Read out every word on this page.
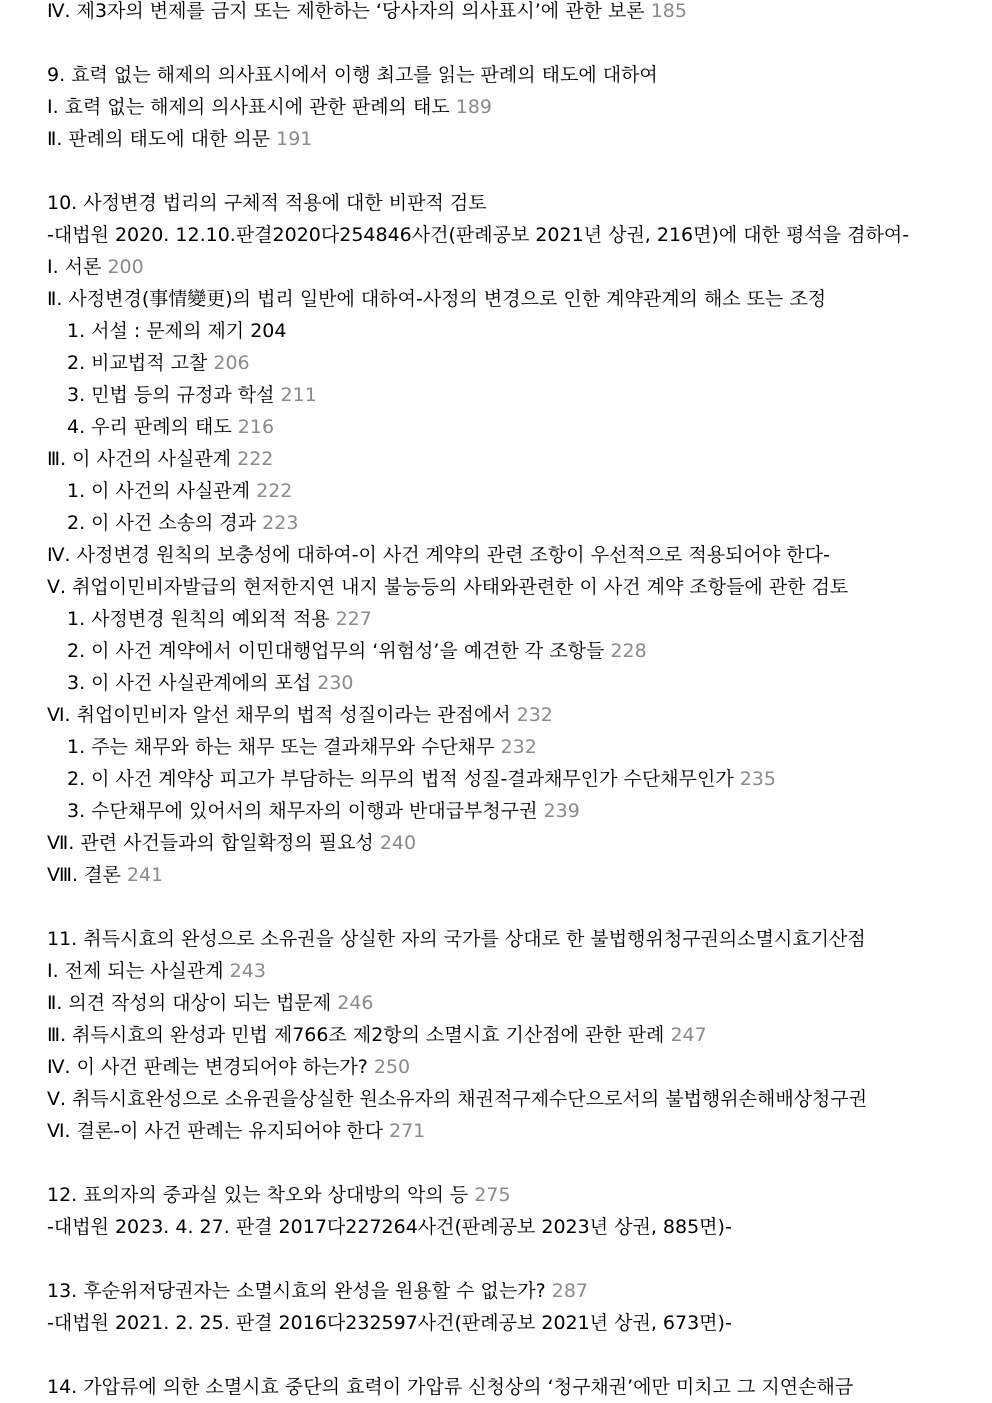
Ⅳ. 제3자의 변제를 금지 또는 제한하는 ‘당사자의 의사표시’에 관한 보론 185
9. 효력 없는 해제의 의사표시에서 이행 최고를 읽는 판례의 태도에 대하여
Ⅰ. 효력 없는 해제의 의사표시에 관한 판례의 태도 189
Ⅱ. 판례의 태도에 대한 의문 191
10. 사정변경 법리의 구체적 적용에 대한 비판적 검토
-대법원 2020. 12.10.판결2020다254846사건(판례공보 2021년 상권, 216면)에 대한 평석을 겸하여-
Ⅰ. 서론 200
Ⅱ. 사정변경(事情變更)의 법리 일반에 대하여-사정의 변경으로 인한 계약관계의 해소 또는 조정
1. 서설 : 문제의 제기 204
2. 비교법적 고찰 206
3. 민법 등의 규정과 학설 211
4. 우리 판례의 태도 216
Ⅲ. 이 사건의 사실관계 222
1. 이 사건의 사실관계 222
2. 이 사건 소송의 경과 223
Ⅳ. 사정변경 원칙의 보충성에 대하여-이 사건 계약의 관련 조항이 우선적으로 적용되어야 한다-
Ⅴ. 취업이민비자발급의 현저한지연 내지 불능등의 사태와관련한 이 사건 계약 조항들에 관한 검토
1. 사정변경 원칙의 예외적 적용 227
2. 이 사건 계약에서 이민대행업무의 ‘위험성’을 예견한 각 조항들 228
3. 이 사건 사실관계에의 포섭 230
Ⅵ. 취업이민비자 알선 채무의 법적 성질이라는 관점에서 232
1. 주는 채무와 하는 채무 또는 결과채무와 수단채무 232
2. 이 사건 계약상 피고가 부담하는 의무의 법적 성질-결과채무인가 수단채무인가 235
3. 수단채무에 있어서의 채무자의 이행과 반대급부청구권 239
Ⅶ. 관련 사건들과의 합일확정의 필요성 240
Ⅷ. 결론 241
11. 취득시효의 완성으로 소유권을 상실한 자의 국가를 상대로 한 불법행위청구권의소멸시효기산점
Ⅰ. 전제 되는 사실관계 243
Ⅱ. 의견 작성의 대상이 되는 법문제 246
Ⅲ. 취득시효의 완성과 민법 제766조 제2항의 소멸시효 기산점에 관한 판례 247
Ⅳ. 이 사건 판례는 변경되어야 하는가? 250
Ⅴ. 취득시효완성으로 소유권을상실한 원소유자의 채권적구제수단으로서의 불법행위손해배상청구권
Ⅵ. 결론-이 사건 판례는 유지되어야 한다 271
12. 표의자의 중과실 있는 착오와 상대방의 악의 등 275
-대법원 2023. 4. 27. 판결 2017다227264사건(판례공보 2023년 상권, 885면)-
13. 후순위저당권자는 소멸시효의 완성을 원용할 수 없는가? 287
-대법원 2021. 2. 25. 판결 2016다232597사건(판례공보 2021년 상권, 673면)-
14. 가압류에 의한 소멸시효 중단의 효력이 가압류 신청상의 ‘청구채권’에만 미치고 그 지연손해금
